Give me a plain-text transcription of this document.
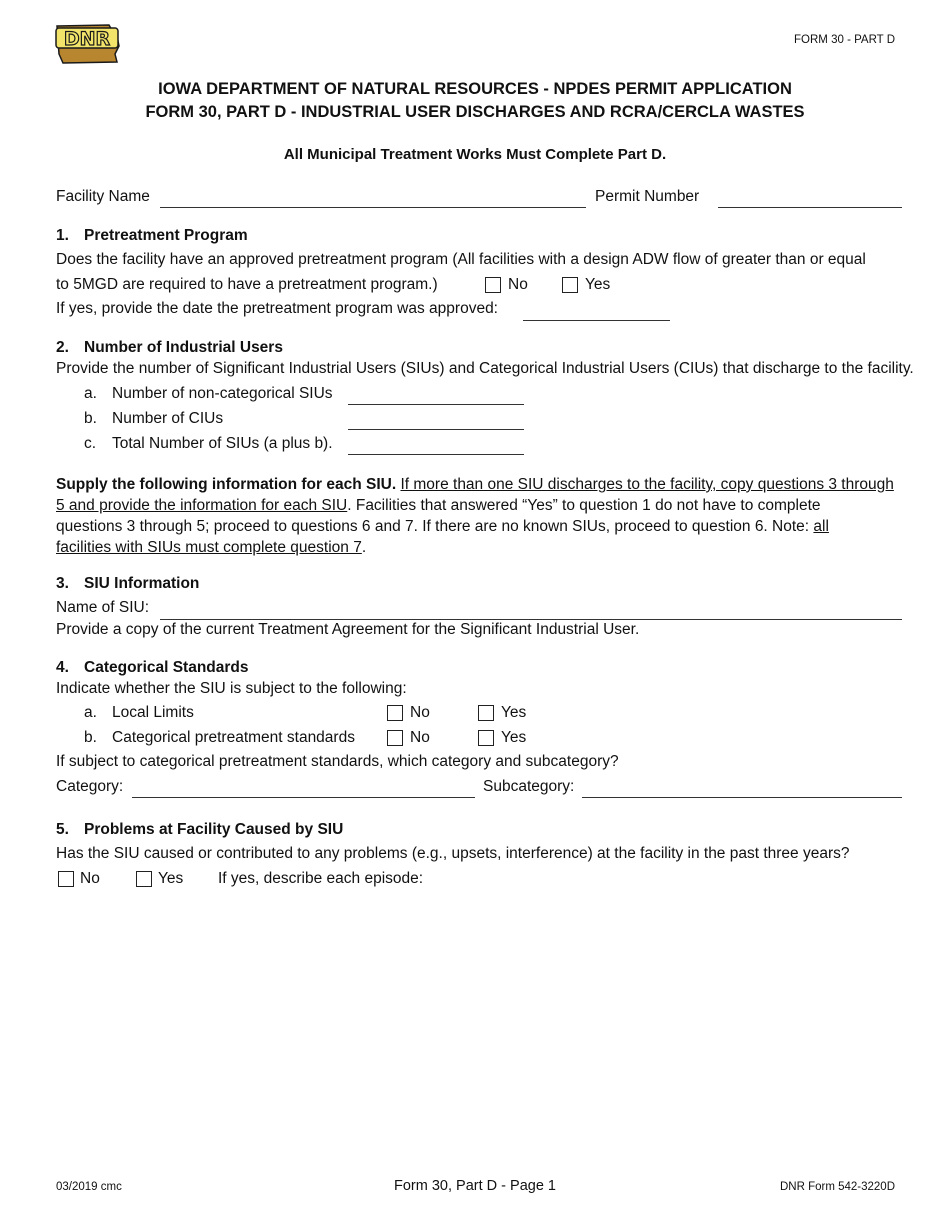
DNR	FORM 30 - PART D
IOWA DEPARTMENT OF NATURAL RESOURCES - NPDES PERMIT APPLICATION
FORM 30, PART D - INDUSTRIAL USER DISCHARGES AND RCRA/CERCLA WASTES
All Municipal Treatment Works Must Complete Part D.
Facility Name	Permit Number
1. Pretreatment Program
Does the facility have an approved pretreatment program (All facilities with a design ADW flow of greater than or equal
to 5MGD are required to have a pretreatment program.)	No	Yes
If yes, provide the date the pretreatment program was approved:
2. Number of Industrial Users
Provide the number of Significant Industrial Users (SIUs) and Categorical Industrial Users (CIUs) that discharge to the facility.
a. Number of non-categorical SIUs
b. Number of CIUs
c. Total Number of SIUs (a plus b).
Supply the following information for each SIU. If more than one SIU discharges to the facility, copy questions 3 through
5 and provide the information for each SIU. Facilities that answered “Yes” to question 1 do not have to complete
questions 3 through 5; proceed to questions 6 and 7. If there are no known SIUs, proceed to question 6. Note: all
facilities with SIUs must complete question 7.
3. SIU Information
Name of SIU:
Provide a copy of the current Treatment Agreement for the Significant Industrial User.
4. Categorical Standards
Indicate whether the SIU is subject to the following:
a. Local Limits	No	Yes
b. Categorical pretreatment standards	No	Yes
If subject to categorical pretreatment standards, which category and subcategory?
Category:	Subcategory:
5. Problems at Facility Caused by SIU
Has the SIU caused or contributed to any problems (e.g., upsets, interference) at the facility in the past three years?
No	Yes If yes, describe each episode:
03/2019 cmc	Form 30, Part D - Page 1	DNR Form 542-3220D
